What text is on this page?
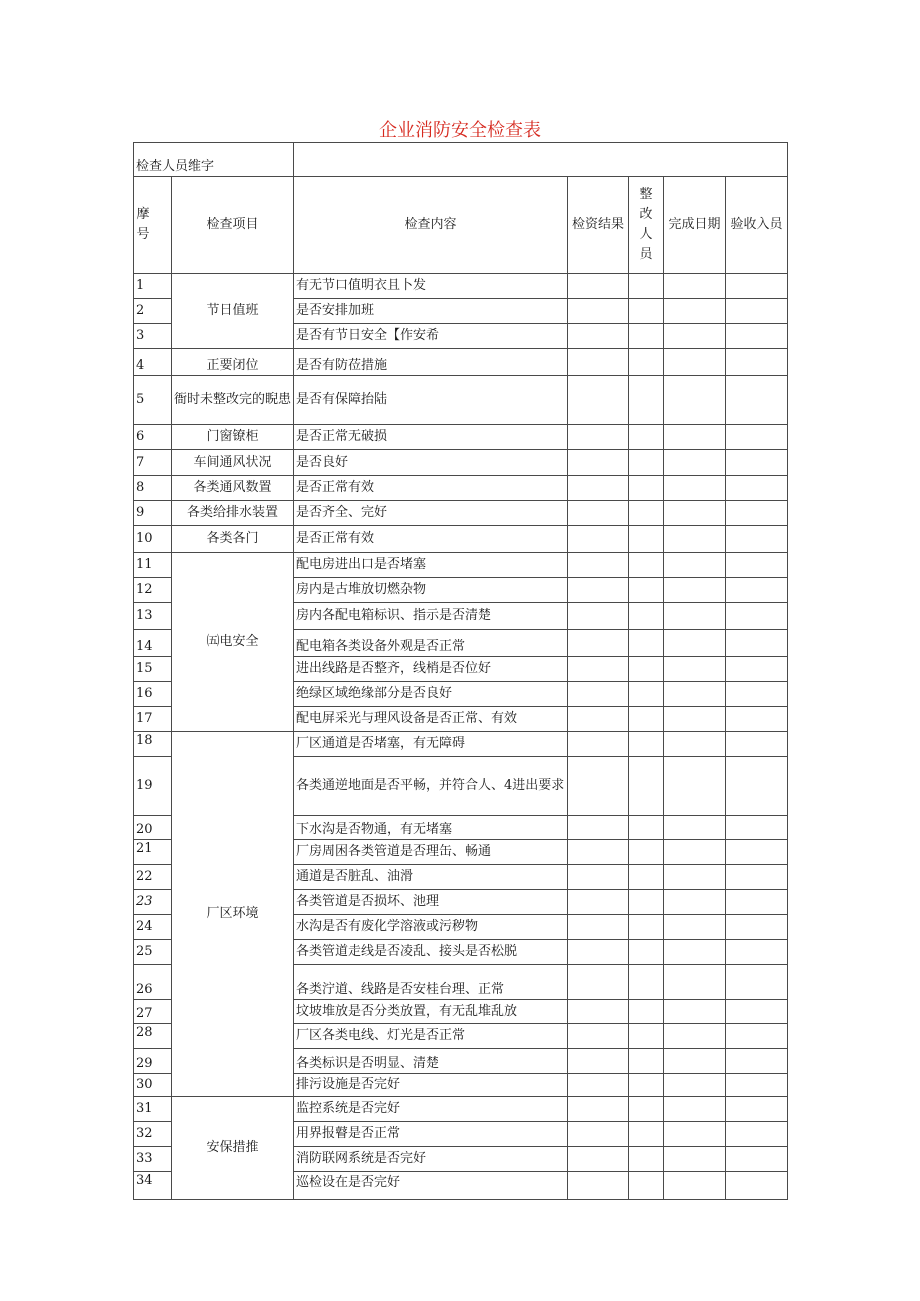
企业消防安全检查表
检查人员维字						
摩号	检查项目	检查内容	检资结果	整改人员	完成日期	验收入员
1	节日值班	有无节口值明衣且卜发				
2		是否安排加班				
3		是否有节日安全【作安希				
4	正要闭位	是否有防莅措施				
5	衙时未整改完的睨患	是否有保障抬陆				
6	门窗镣柜	是否正常无破损				
7	车间通风状况	是否良好				
8	各类通风数置	是否正常有效				
9	各类给排水装置	是否齐全、完好				
10	各类各门	是否正常有效				
11	㈤电安全	配电房进出口是否堵塞				
12		房内是古堆放切燃杂物				
13		房内各配电箱标识、指示是否清楚				
14		配电箱各类设备外观是否正常				
15		进出线路是否整齐，线梢是否位好				
16		绝绿区域绝缘部分是否良好				
17		配电屏采光与理风设备是否正常、有效				
18	厂区环境	厂区通道是否堵塞，有无障碍				
19		各类通逆地面是否平畅，并符合人、4进出要求				
20		下水沟是否物通，有无堵塞				
21		厂房周困各类管道是否理缶、畅通				
22		通道是否脏乱、油滑				
23		各类管道是否损坏、池理				
24		水沟是否有废化学溶液或污秽物				
25		各类管道走线是否凌乱、接头是否松脱				
26		各类泞道、线路是否安桂台理、正常				
27		坟坡堆放是否分类放置，有无乱堆乱放				
28		厂区各类电线、灯光是否正常				
29		各类标识是否明显、清楚				
30		排污设施是否完好				
31	安保措推	监控系统是否完好				
32		用界报瞽是否正常				
33		消防联网系统是否完好				
34		巡检设在是否完好				
